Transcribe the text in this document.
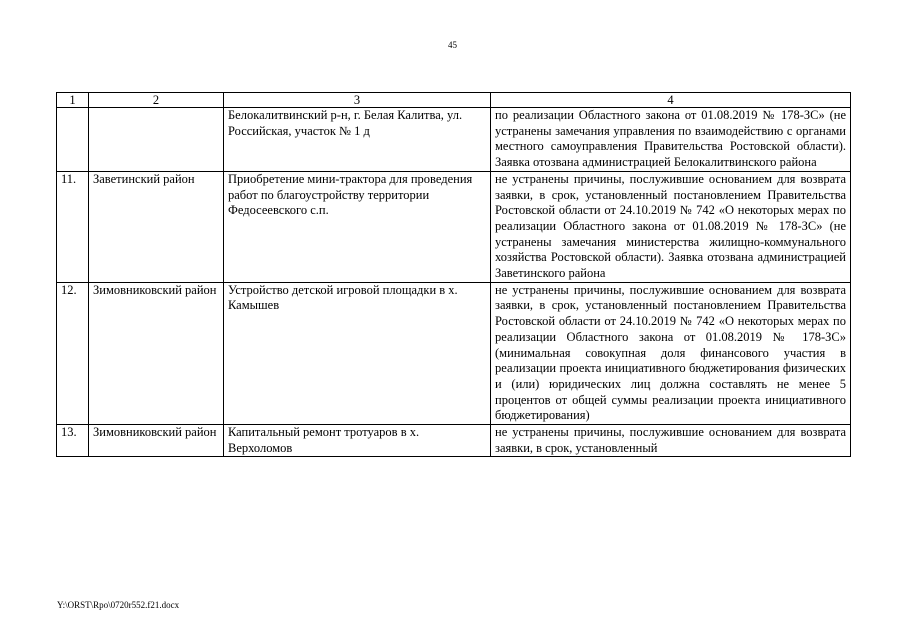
45
1	2	3	4
		Белокалитвинский р-н, г. Белая Калитва, ул. Российская, участок № 1 д	по реализации Областного закона от 01.08.2019 № 178-ЗС» (не устранены замечания управления по взаимодействию с органами местного самоуправления Правительства Ростовской области). Заявка отозвана администрацией Белокалитвинского района
11.	Заветинский район	Приобретение мини-трактора для проведения работ по благоустройству территории Федосеевского с.п.	не устранены причины, послужившие основанием для возврата заявки, в срок, установленный постановлением Правительства Ростовской области от 24.10.2019 № 742 «О некоторых мерах по реализации Областного закона от 01.08.2019 № 178-ЗС» (не устранены замечания министерства жилищно-коммунального хозяйства Ростовской области). Заявка отозвана администрацией Заветинского района
12.	Зимовниковский район	Устройство детской игровой площадки в х. Камышев	не устранены причины, послужившие основанием для возврата заявки, в срок, установленный постановлением Правительства Ростовской области от 24.10.2019 № 742 «О некоторых мерах по реализации Областного закона от 01.08.2019 № 178-ЗС» (минимальная совокупная доля финансового участия в реализации проекта инициативного бюджетирования физических и (или) юридических лиц должна составлять не менее 5 процентов от общей суммы реализации проекта инициативного бюджетирования)
13.	Зимовниковский район	Капитальный ремонт тротуаров в х. Верхоломов	не устранены причины, послужившие основанием для возврата заявки, в срок, установленный
Y:\ORST\Rpo\0720r552.f21.docx
